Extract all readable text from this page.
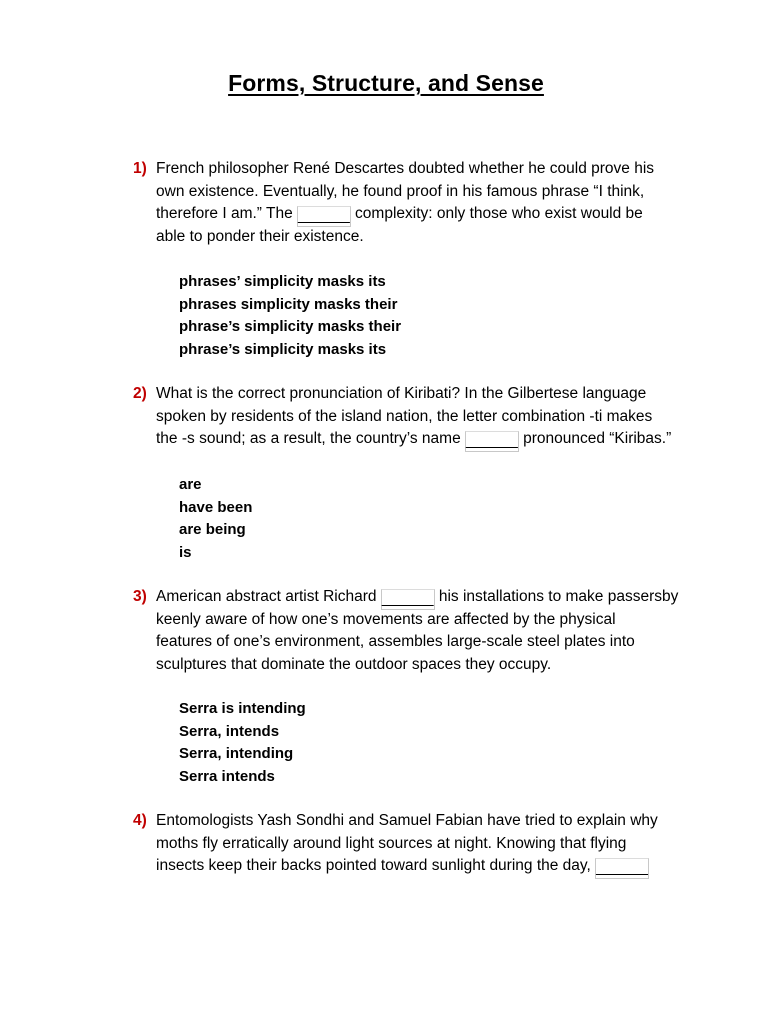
Forms, Structure, and Sense
1) French philosopher René Descartes doubted whether he could prove his
own existence. Eventually, he found proof in his famous phrase “I think,
therefore I am.” The ______ complexity: only those who exist would be
able to ponder their existence.
phrases’ simplicity masks its
phrases simplicity masks their
phrase’s simplicity masks their
phrase’s simplicity masks its
2) What is the correct pronunciation of Kiribati? In the Gilbertese language
spoken by residents of the island nation, the letter combination -ti makes
the -s sound; as a result, the country’s name ______ pronounced “Kiribas.”
are
have been
are being
is
3) American abstract artist Richard ______ his installations to make passersby
keenly aware of how one’s movements are affected by the physical
features of one’s environment, assembles large-scale steel plates into
sculptures that dominate the outdoor spaces they occupy.
Serra is intending
Serra, intends
Serra, intending
Serra intends
4) Entomologists Yash Sondhi and Samuel Fabian have tried to explain why
moths fly erratically around light sources at night. Knowing that flying
insects keep their backs pointed toward sunlight during the day, ______
